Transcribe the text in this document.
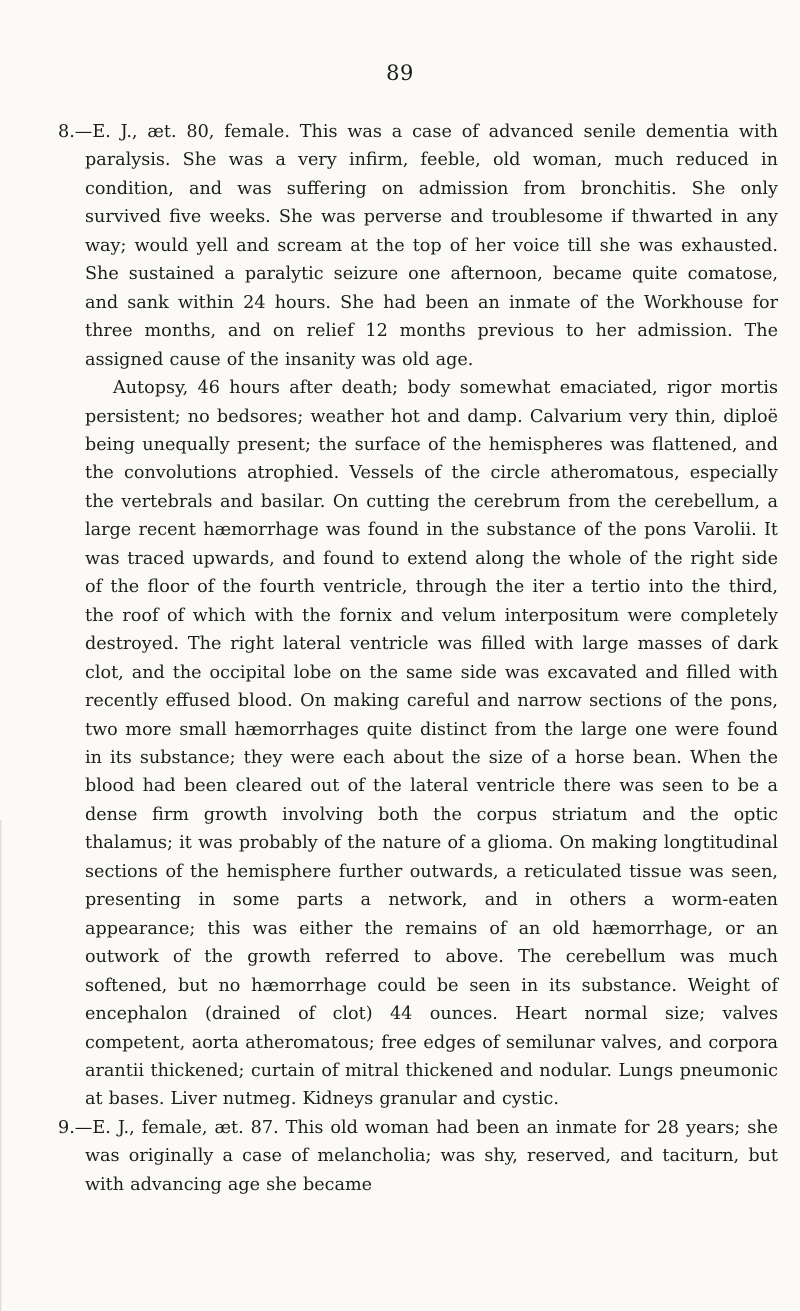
89

8.—E. J., æt. 80, female. This was a case of advanced senile dementia with paralysis. She was a very infirm, feeble, old woman, much reduced in condition, and was suffering on admission from bronchitis. She only survived five weeks. She was perverse and troublesome if thwarted in any way; would yell and scream at the top of her voice till she was exhausted. She sustained a paralytic seizure one afternoon, became quite comatose, and sank within 24 hours. She had been an inmate of the Workhouse for three months, and on relief 12 months previous to her admission. The assigned cause of the insanity was old age.

Autopsy, 46 hours after death; body somewhat emaciated, rigor mortis persistent; no bedsores; weather hot and damp. Calvarium very thin, diploë being unequally present; the surface of the hemispheres was flattened, and the convolutions atrophied. Vessels of the circle atheromatous, especially the vertebrals and basilar. On cutting the cerebrum from the cerebellum, a large recent hæmorrhage was found in the substance of the pons Varolii. It was traced upwards, and found to extend along the whole of the right side of the floor of the fourth ventricle, through the iter a tertio into the third, the roof of which with the fornix and velum interpositum were completely destroyed. The right lateral ventricle was filled with large masses of dark clot, and the occipital lobe on the same side was excavated and filled with recently effused blood. On making careful and narrow sections of the pons, two more small hæmorrhages quite distinct from the large one were found in its substance; they were each about the size of a horse bean. When the blood had been cleared out of the lateral ventricle there was seen to be a dense firm growth involving both the corpus striatum and the optic thalamus; it was probably of the nature of a glioma. On making longtitudinal sections of the hemisphere further outwards, a reticulated tissue was seen, presenting in some parts a network, and in others a worm-eaten appearance; this was either the remains of an old hæmorrhage, or an outwork of the growth referred to above. The cerebellum was much softened, but no hæmorrhage could be seen in its substance. Weight of encephalon (drained of clot) 44 ounces. Heart normal size; valves competent, aorta atheromatous; free edges of semilunar valves, and corpora arantii thickened; curtain of mitral thickened and nodular. Lungs pneumonic at bases. Liver nutmeg. Kidneys granular and cystic.

9.—E. J., female, æt. 87. This old woman had been an inmate for 28 years; she was originally a case of melancholia; was shy, reserved, and taciturn, but with advancing age she became
